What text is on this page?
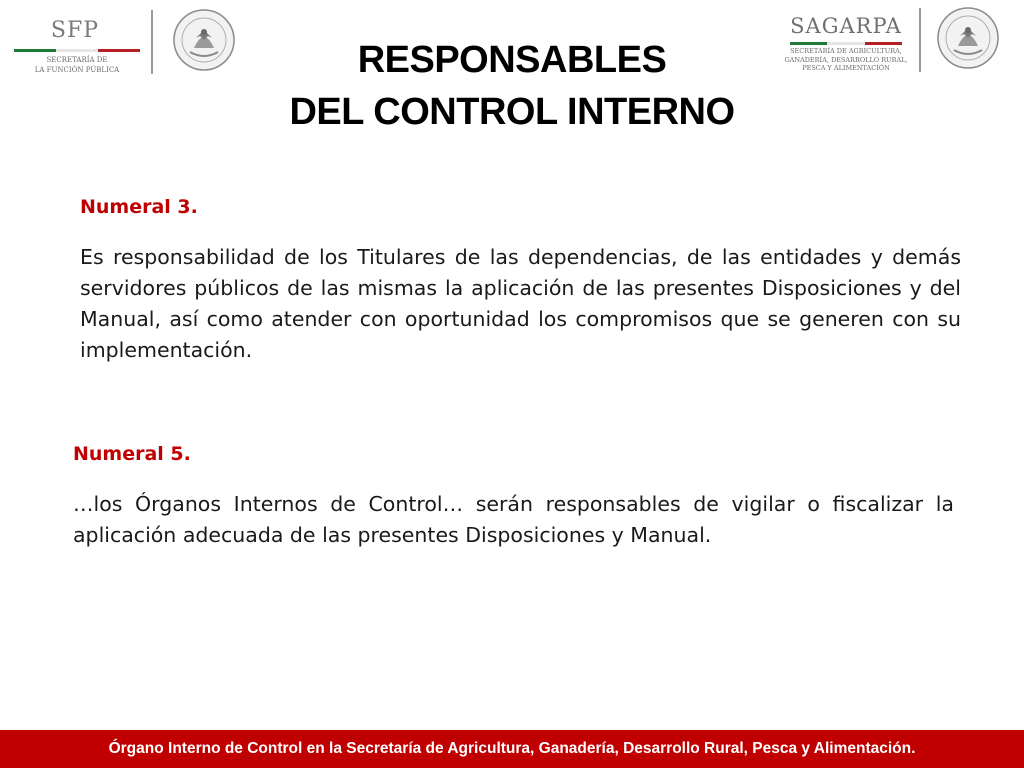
SFP
SECRETARÍA DE
LA FUNCIÓN PÚBLICA	RESPONSABLES
DEL CONTROL INTERNO
SAGARPA
SECRETARÍA DE AGRICULTURA,
GANADERÍA, DESARROLLO RURAL,
PESCA Y ALIMENTACIÓN
Numeral 3.
Es responsabilidad de los Titulares de las dependencias, de las entidades y demás servidores públicos de las mismas la aplicación de las presentes Disposiciones y del Manual, así como atender con oportunidad los compromisos que se generen con su implementación.
Numeral 5.
…los Órganos Internos de Control… serán responsables de vigilar o fiscalizar la aplicación adecuada de las presentes Disposiciones y Manual.
Órgano Interno de Control en la Secretaría de Agricultura, Ganadería, Desarrollo Rural, Pesca y Alimentación.
